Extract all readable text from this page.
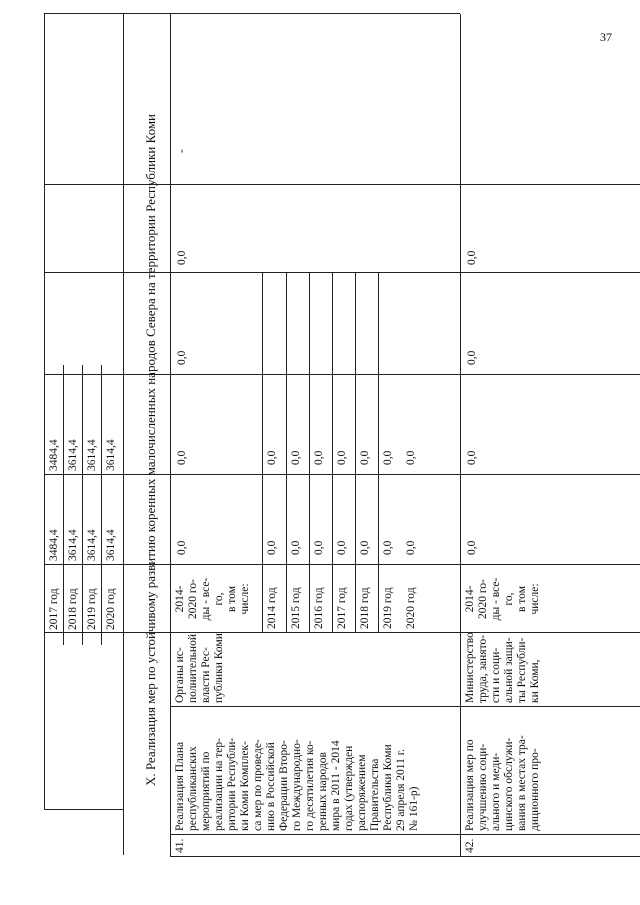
37
2017 год
3484,4
3484,4
2018 год
3614,4
3614,4
2019 год
3614,4
3614,4
2020 год
3614,4
3614,4 X. Реализация мер по устойчивому развитию коренных малочисленных народов Севера на территории Республики Коми
41.
Реализация Плана республиканских мероприятий по реализации на тер- ритории Республи- ки Коми Комплек- са мер по проведе- нию в Российской Федерации Второ- го Международно- го десятилетия ко- ренных народов мира в 2011 - 2014 годах (утвержден распоряжением Правительства Республики Коми 29 апреля 2011 г. № 161-р)
Органы ис- полнительной власти Рес- публики Коми
2014- 2020 го- ды - все- го, в том числе:
0,0
0,0
0,0
0,0
-
2014 год
0,0
0,0
2015 год
0,0
0,0
2016 год
0,0
0,0
2017 год
0,0
0,0
2018 год
0,0
0,0
2019 год
0,0
0,0
2020 год
0,0
0,0
42.
Реализация мер по улучшению соци- ального и меди- цинского обслужи- вания в местах тра- диционного про-
Министерство труда, занято- сти и соци- альной защи- ты Республи- ки Коми,
2014- 2020 го- ды - все- го, в том числе:
0,0
0,0
0,0
0,0
